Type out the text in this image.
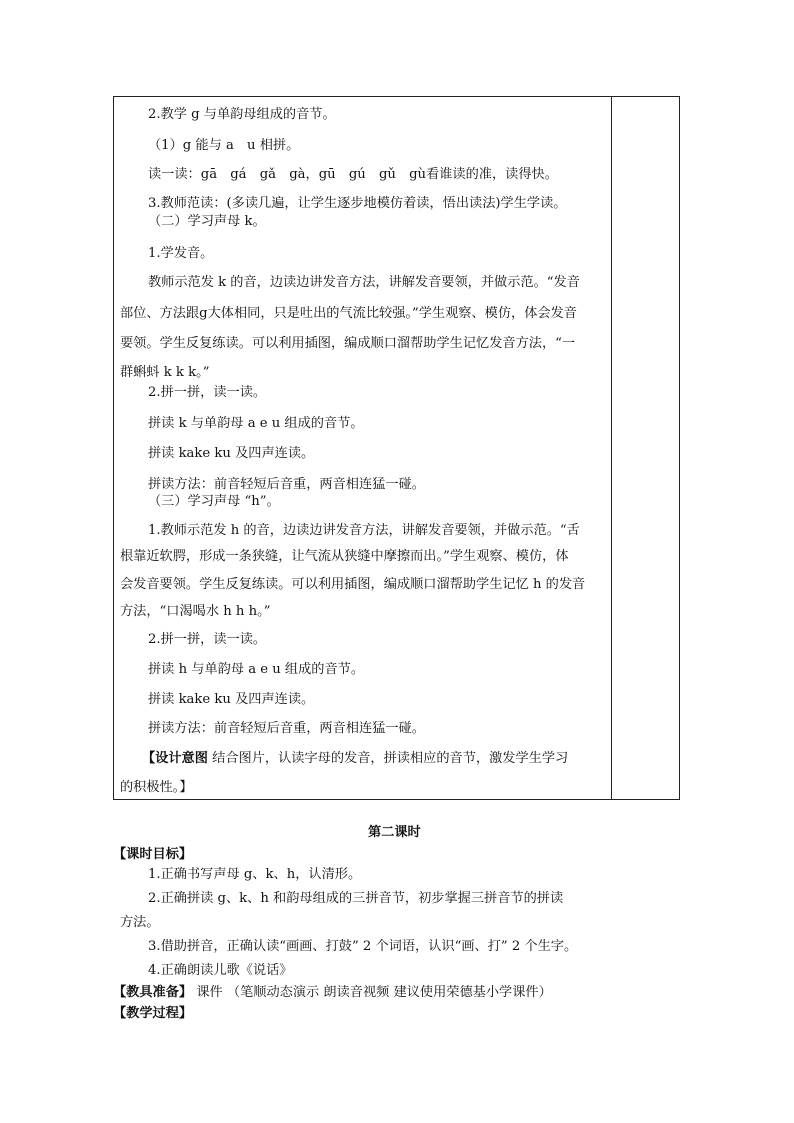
2.教学 g 与单韵母组成的音节。
（1）g 能与 a　u 相拼。
读一读：gā　gá　gǎ　gà，gū　gú　gǔ　gù看谁读的准，读得快。
3.教师范读：(多读几遍，让学生逐步地模仿着读，悟出读法)学生学读。
（二）学习声母 k。
1.学发音。
教师示范发 k 的音，边读边讲发音方法，讲解发音要领，并做示范。“发音
部位、方法跟g大体相同，只是吐出的气流比较强。”学生观察、模仿，体会发音
要领。学生反复练读。可以利用插图，编成顺口溜帮助学生记忆发音方法，“一
群蝌蚪 k k k。”
2.拼一拼，读一读。
拼读 k 与单韵母 a e u 组成的音节。
拼读 kake ku 及四声连读。
拼读方法：前音轻短后音重，两音相连猛一碰。
（三）学习声母 “h”。
1.教师示范发 h 的音，边读边讲发音方法，讲解发音要领，并做示范。“舌
根靠近软腭，形成一条狭缝，让气流从狭缝中摩擦而出。”学生观察、模仿，体
会发音要领。学生反复练读。可以利用插图，编成顺口溜帮助学生记忆 h 的发音
方法，“口渴喝水 h h h。”
2.拼一拼，读一读。
拼读 h 与单韵母 a e u 组成的音节。
拼读 kake ku 及四声连读。
拼读方法：前音轻短后音重，两音相连猛一碰。
【设计意图 结合图片，认读字母的发音，拼读相应的音节，激发学生学习
的积极性。】
第二课时
【课时目标】
1.正确书写声母 g、k、h，认清形。
2.正确拼读 g、k、h 和韵母组成的三拼音节，初步掌握三拼音节的拼读
方法。
3.借助拼音，正确认读“画画、打鼓” 2 个词语，认识“画、打” 2 个生字。
4.正确朗读儿歌《说话》
【教具准备】 课件 （笔顺动态演示 朗读音视频 建议使用荣德基小学课件）
【教学过程】
